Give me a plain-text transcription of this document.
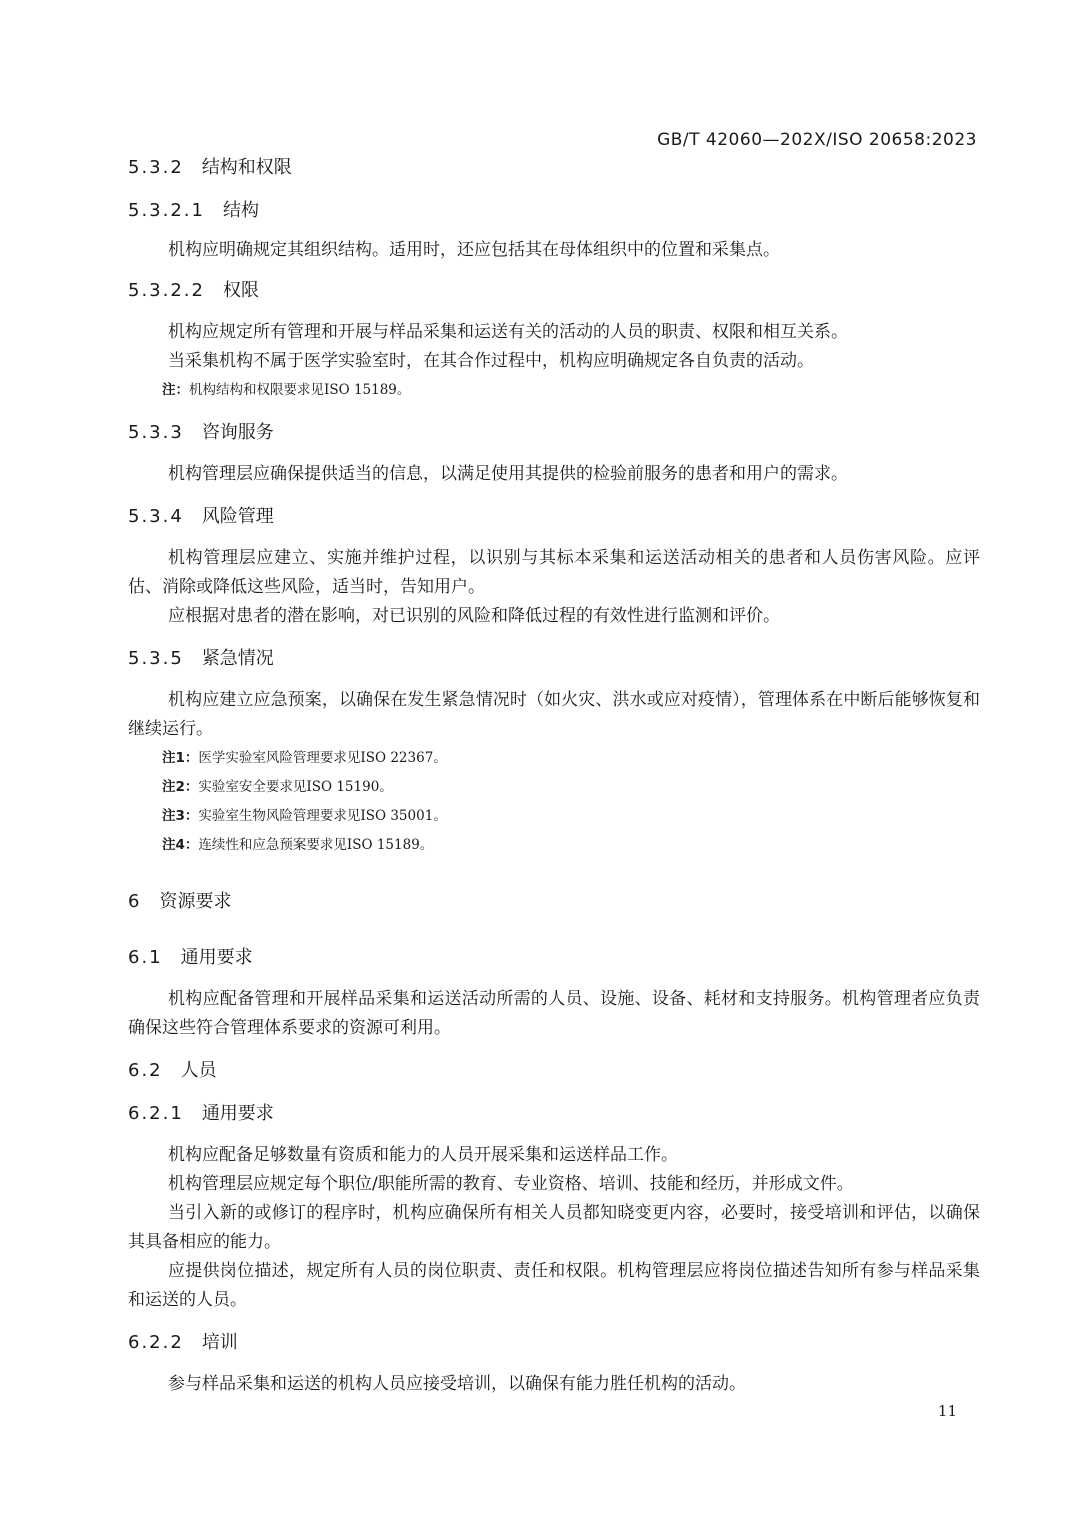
GB/T 42060—202X/ISO 20658:2023
5.3.2 结构和权限
5.3.2.1 结构
机构应明确规定其组织结构。适用时，还应包括其在母体组织中的位置和采集点。
5.3.2.2 权限
机构应规定所有管理和开展与样品采集和运送有关的活动的人员的职责、权限和相互关系。
当采集机构不属于医学实验室时，在其合作过程中，机构应明确规定各自负责的活动。
注：机构结构和权限要求见ISO 15189。
5.3.3 咨询服务
机构管理层应确保提供适当的信息，以满足使用其提供的检验前服务的患者和用户的需求。
5.3.4 风险管理
机构管理层应建立、实施并维护过程，以识别与其标本采集和运送活动相关的患者和人员伤害风险。应评估、消除或降低这些风险，适当时，告知用户。
应根据对患者的潜在影响，对已识别的风险和降低过程的有效性进行监测和评价。
5.3.5 紧急情况
机构应建立应急预案，以确保在发生紧急情况时（如火灾、洪水或应对疫情），管理体系在中断后能够恢复和继续运行。
注1：医学实验室风险管理要求见ISO 22367。
注2：实验室安全要求见ISO 15190。
注3：实验室生物风险管理要求见ISO 35001。
注4：连续性和应急预案要求见ISO 15189。
6 资源要求
6.1 通用要求
机构应配备管理和开展样品采集和运送活动所需的人员、设施、设备、耗材和支持服务。机构管理者应负责确保这些符合管理体系要求的资源可利用。
6.2 人员
6.2.1 通用要求
机构应配备足够数量有资质和能力的人员开展采集和运送样品工作。
机构管理层应规定每个职位/职能所需的教育、专业资格、培训、技能和经历，并形成文件。
当引入新的或修订的程序时，机构应确保所有相关人员都知晓变更内容，必要时，接受培训和评估，以确保其具备相应的能力。
应提供岗位描述，规定所有人员的岗位职责、责任和权限。机构管理层应将岗位描述告知所有参与样品采集和运送的人员。
6.2.2 培训
参与样品采集和运送的机构人员应接受培训，以确保有能力胜任机构的活动。
11
